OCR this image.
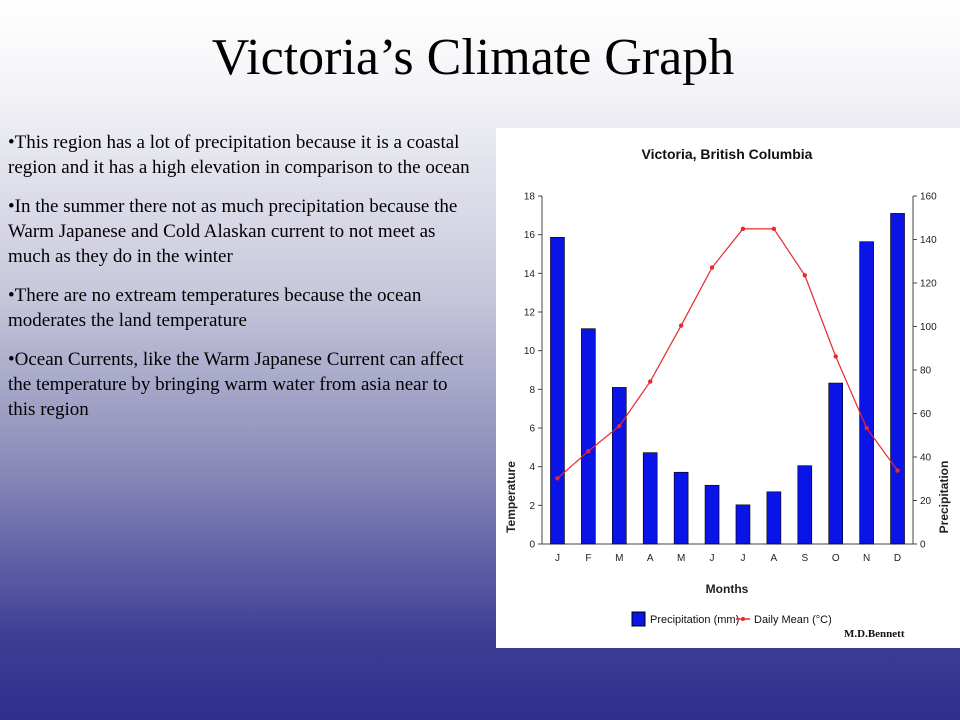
Victoria’s Climate Graph
• This region has a lot of precipitation because it is a coastal region and it has a high elevation in comparison to the ocean
• In the summer there not as much precipitation because the Warm Japanese and Cold Alaskan current to not meet as much as they do in the winter
• There are no extream temperatures because the ocean moderates the land temperature
• Ocean Currents, like the Warm Japanese Current can affect the temperature by bringing warm water from asia near to this region
Victoria, British Columbia
0
2
4
6
8
10
12
14
16
18
0
20
40
60
80
100
120
140
160
J	F M A M J	J	A S O N D
Months
Temperature	Precipitation
Precipitation (mm) Daily Mean (°C)
M.D.Bennett
